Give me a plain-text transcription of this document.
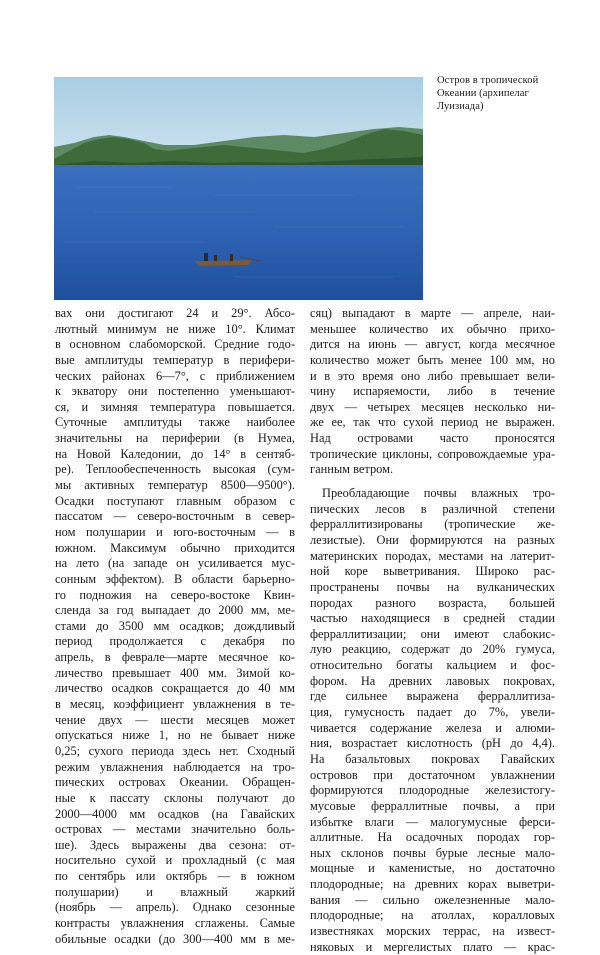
Остров в тропической
Океании (архипелаг
Луизиада)
вах они достигают 24 и 29°. Абсо-
лютный минимум не ниже 10°. Климат
в основном слабоморской. Средние годо-
вые амплитуды температур в перифери-
ческих районах 6—7°, с приближением
к экватору они постепенно уменьшают-
ся, и зимняя температура повышается.
Суточные амплитуды также наиболее
значительны на периферии (в Нумеа,
на Новой Каледонии, до 14° в сентяб-
ре). Теплообеспеченность высокая (сум-
мы активных температур 8500—9500°).
Осадки поступают главным образом с
пассатом — северо-восточным в север-
ном полушарии и юго-восточным — в
южном. Максимум обычно приходится
на лето (на западе он усиливается мус-
сонным эффектом). В области барьерно-
го подножия на северо-востоке Квин-
сленда за год выпадает до 2000 мм, ме-
стами до 3500 мм осадков; дождливый
период продолжается с декабря по
апрель, в феврале—марте месячное ко-
личество превышает 400 мм. Зимой ко-
личество осадков сокращается до 40 мм
в месяц, коэффициент увлажнения в те-
чение двух — шести месяцев может
опускаться ниже 1, но не бывает ниже
0,25; сухого периода здесь нет. Сходный
режим увлажнения наблюдается на тро-
пических островах Океании. Обращен-
ные к пассату склоны получают до
2000—4000 мм осадков (на Гавайских
островах — местами значительно боль-
ше). Здесь выражены два сезона: от-
носительно сухой и прохладный (с мая
по сентябрь или октябрь — в южном
полушарии) и влажный жаркий
(ноябрь — апрель). Однако сезонные
контрасты увлажнения сглажены. Самые
обильные осадки (до 300—400 мм в ме-
сяц) выпадают в марте — апреле, наи-
меньшее количество их обычно прихо-
дится на июнь — август, когда месячное
количество может быть менее 100 мм, но
и в это время оно либо превышает вели-
чину испаряемости, либо в течение
двух — четырех месяцев несколько ни-
же ее, так что сухой период не выражен.
Над островами часто проносятся
тропические циклоны, сопровождаемые ура-
ганным ветром.
Преобладающие почвы влажных тро-
пических лесов в различной степени
ферраллитизированы (тропические же-
лезистые). Они формируются на разных
материнских породах, местами на латерит-
ной коре выветривания. Широко рас-
пространены почвы на вулканических
породах разного возраста, большей
частью находящиеся в средней стадии
ферраллитизации; они имеют слабокис-
лую реакцию, содержат до 20% гумуса,
относительно богаты кальцием и фос-
фором. На древних лавовых покровах,
где сильнее выражена ферраллитиза-
ция, гумусность падает до 7%, увели-
чивается содержание железа и алюми-
ния, возрастает кислотность (pH до 4,4).
На базальтовых покровах Гавайских
островов при достаточном увлажнении
формируются плодородные железистогу-
мусовые ферраллитные почвы, а при
избытке влаги — малогумусные ферси-
аллитные. На осадочных породах гор-
ных склонов почвы бурые лесные мало-
мощные и каменистые, но достаточно
плодородные; на древних корах выветри-
вания — сильно ожелезненные мало-
плодородные; на атоллах, коралловых
известняках морских террас, на извест-
няковых и мергелистых плато — крас-
